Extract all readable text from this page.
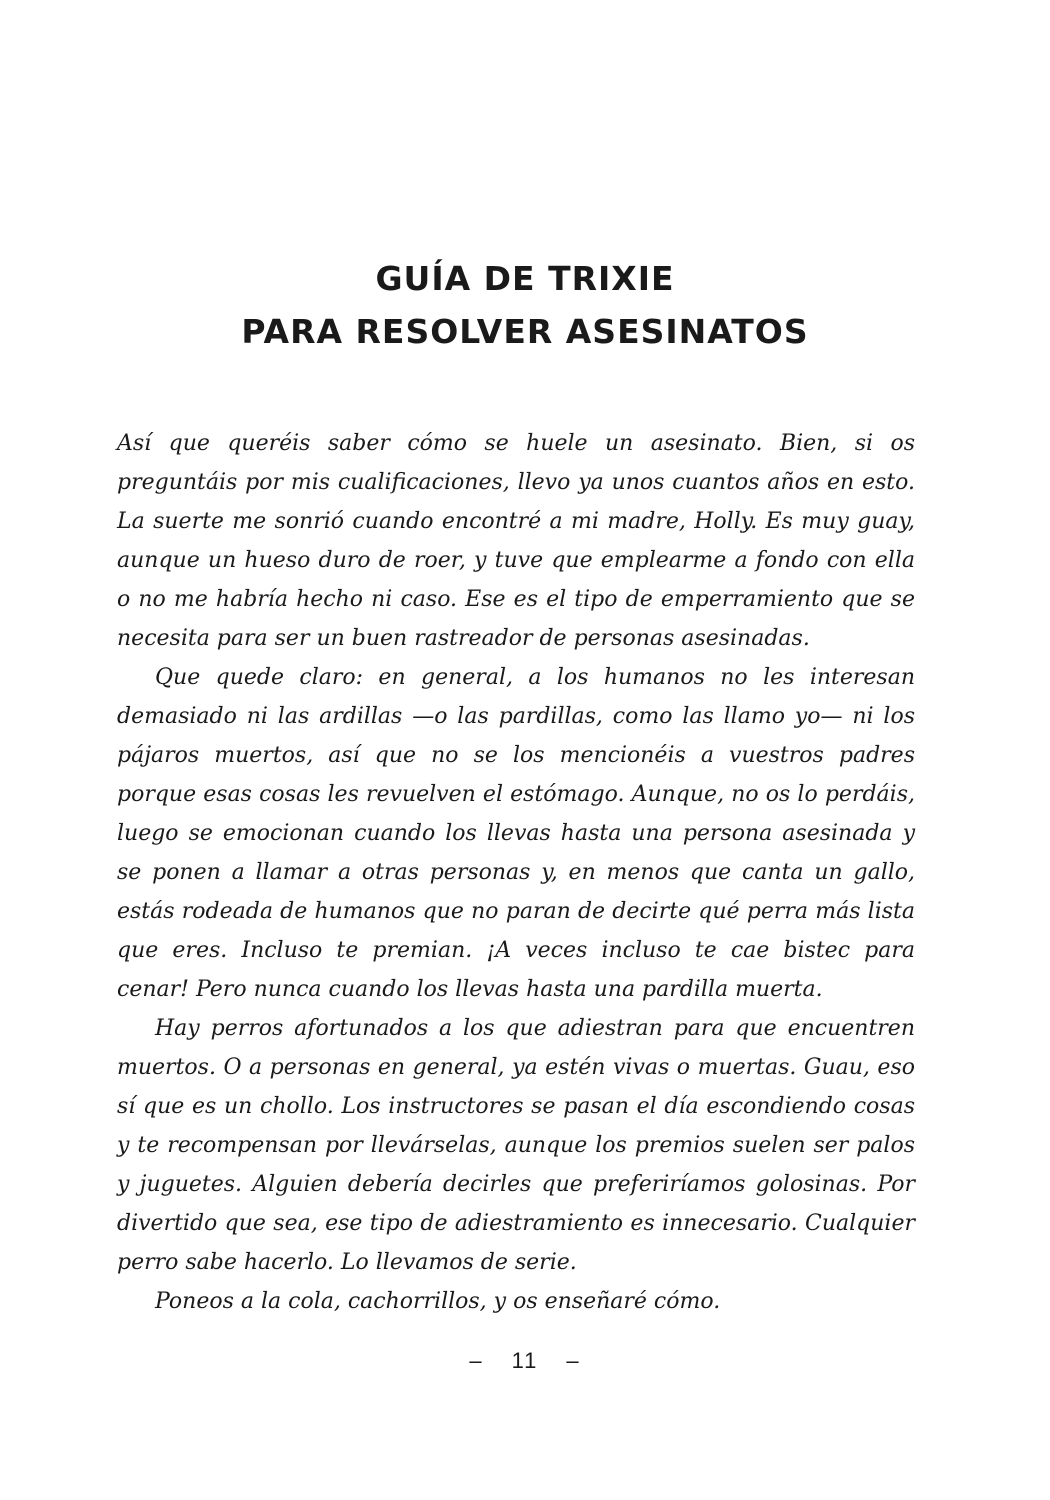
GUÍA DE TRIXIE
PARA RESOLVER ASESINATOS

Así que queréis saber cómo se huele un asesinato. Bien, si os preguntáis por mis cualificaciones, llevo ya unos cuantos años en esto. La suerte me sonrió cuando encontré a mi madre, Holly. Es muy guay, aunque un hueso duro de roer, y tuve que emplearme a fondo con ella o no me habría hecho ni caso. Ese es el tipo de emperramiento que se necesita para ser un buen rastreador de personas asesinadas.

Que quede claro: en general, a los humanos no les interesan demasiado ni las ardillas —o las pardillas, como las llamo yo— ni los pájaros muertos, así que no se los mencionéis a vuestros padres porque esas cosas les revuelven el estómago. Aunque, no os lo perdáis, luego se emocionan cuando los llevas hasta una persona asesinada y se ponen a llamar a otras personas y, en menos que canta un gallo, estás rodeada de humanos que no paran de decirte qué perra más lista que eres. Incluso te premian. ¡A veces incluso te cae bistec para cenar! Pero nunca cuando los llevas hasta una pardilla muerta.

Hay perros afortunados a los que adiestran para que encuentren muertos. O a personas en general, ya estén vivas o muertas. Guau, eso sí que es un chollo. Los instructores se pasan el día escondiendo cosas y te recompensan por llevárselas, aunque los premios suelen ser palos y juguetes. Alguien debería decirles que preferiríamos golosinas. Por divertido que sea, ese tipo de adiestramiento es innecesario. Cualquier perro sabe hacerlo. Lo llevamos de serie.

Poneos a la cola, cachorrillos, y os enseñaré cómo.

– 11 –
